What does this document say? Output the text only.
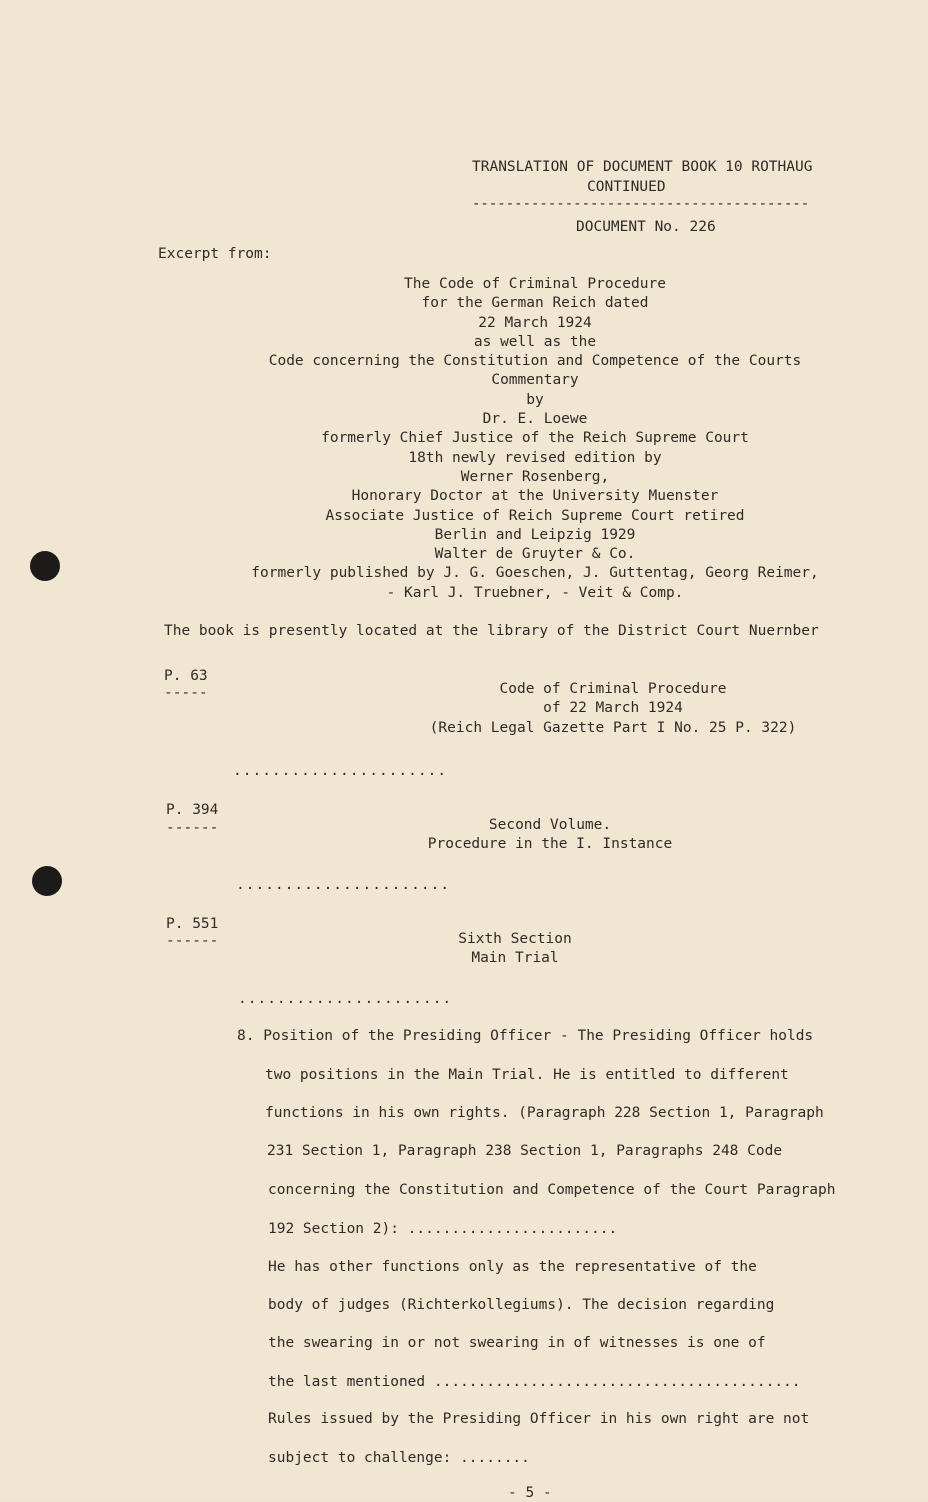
TRANSLATION OF DOCUMENT BOOK 10 ROTHAUG
CONTINUED
----------------------------------------
DOCUMENT No. 226
Excerpt from:
The Code of Criminal Procedure
for the German Reich dated
22 March 1924
as well as the
Code concerning the Constitution and Competence of the Courts
Commentary
by
Dr. E. Loewe
formerly Chief Justice of the Reich Supreme Court
18th newly revised edition by
Werner Rosenberg,
Honorary Doctor at the University Muenster
Associate Justice of Reich Supreme Court retired
Berlin and Leipzig 1929
Walter de Gruyter & Co.
formerly published by J. G. Goeschen, J. Guttentag, Georg Reimer,
- Karl J. Truebner, - Veit & Comp.
The book is presently located at the library of the District Court Nuernber
P. 63
-----	Code of Criminal Procedure
of 22 March 1924
(Reich Legal Gazette Part I No. 25 P. 322)
......................
P. 394
------	Second Volume.
Procedure in the I. Instance
......................
P. 551
------	Sixth Section
Main Trial
......................
8. Position of the Presiding Officer - The Presiding Officer holds
two positions in the Main Trial. He is entitled to different
functions in his own rights. (Paragraph 228 Section 1, Paragraph
231 Section 1, Paragraph 238 Section 1, Paragraphs 248 Code
concerning the Constitution and Competence of the Court Paragraph
192 Section 2): ........................
He has other functions only as the representative of the
body of judges (Richterkollegiums). The decision regarding
the swearing in or not swearing in of witnesses is one of
the last mentioned ..........................................
Rules issued by the Presiding Officer in his own right are not
subject to challenge: ........
- 5 -
